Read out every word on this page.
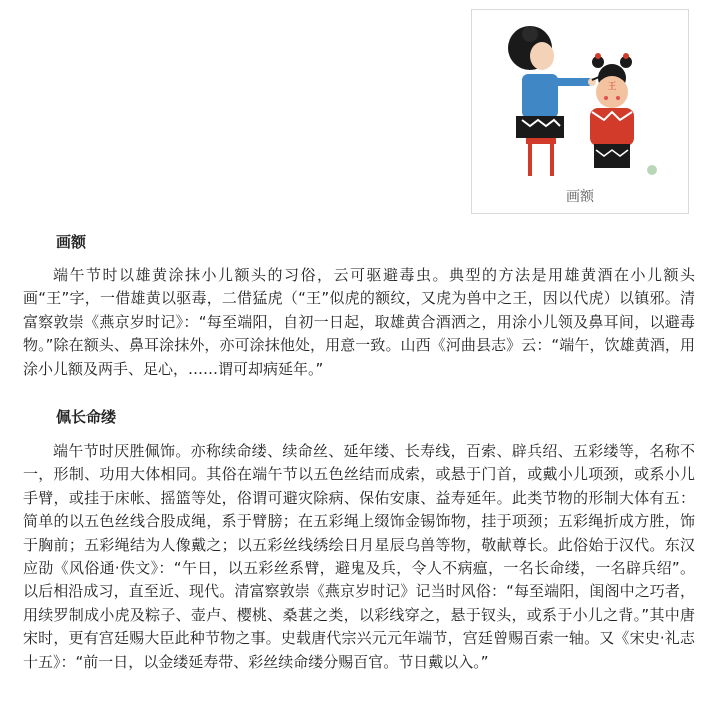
王
诸葛教育
画额
画额

端午节时以雄黄涂抹小儿额头的习俗，云可驱避毒虫。典型的方法是用雄黄酒在小儿额头画“王”字，一借雄黄以驱毒，二借猛虎（“王”似虎的额纹，又虎为兽中之王，因以代虎）以镇邪。清富察敦崇《燕京岁时记》：“每至端阳，自初一日起，取雄黄合酒洒之，用涂小儿领及鼻耳间，以避毒物。”除在额头、鼻耳涂抹外，亦可涂抹他处，用意一致。山西《河曲县志》云：“端午，饮雄黄酒，用涂小儿额及两手、足心，……谓可却病延年。”

佩长命缕

端午节时厌胜佩饰。亦称续命缕、续命丝、延年缕、长寿线，百索、辟兵绍、五彩缕等，名称不一，形制、功用大体相同。其俗在端午节以五色丝结而成索，或悬于门首，或戴小儿项颈，或系小儿手臂，或挂于床帐、摇篮等处，俗谓可避灾除病、保佑安康、益寿延年。此类节物的形制大体有五：简单的以五色丝线合股成绳，系于臂膀；在五彩绳上缀饰金锡饰物，挂于项颈；五彩绳折成方胜，饰于胸前；五彩绳结为人像戴之；以五彩丝线绣绘日月星辰乌兽等物，敬献尊长。此俗始于汉代。东汉应劭《风俗通·佚文》：“午日，以五彩丝系臂，避鬼及兵，令人不病瘟，一名长命缕，一名辟兵绍”。以后相沿成习，直至近、现代。清富察敦崇《燕京岁时记》记当时风俗：“每至端阳，闺阁中之巧者，用续罗制成小虎及粽子、壶卢、樱桃、桑葚之类，以彩线穿之，悬于钗头，或系于小儿之背。”其中唐宋时，更有宫廷赐大臣此种节物之事。史载唐代宗兴元元年端节，宫廷曾赐百索一轴。又《宋史·礼志十五》：“前一日，以金缕延寿带、彩丝续命缕分赐百官。节日戴以入。”
